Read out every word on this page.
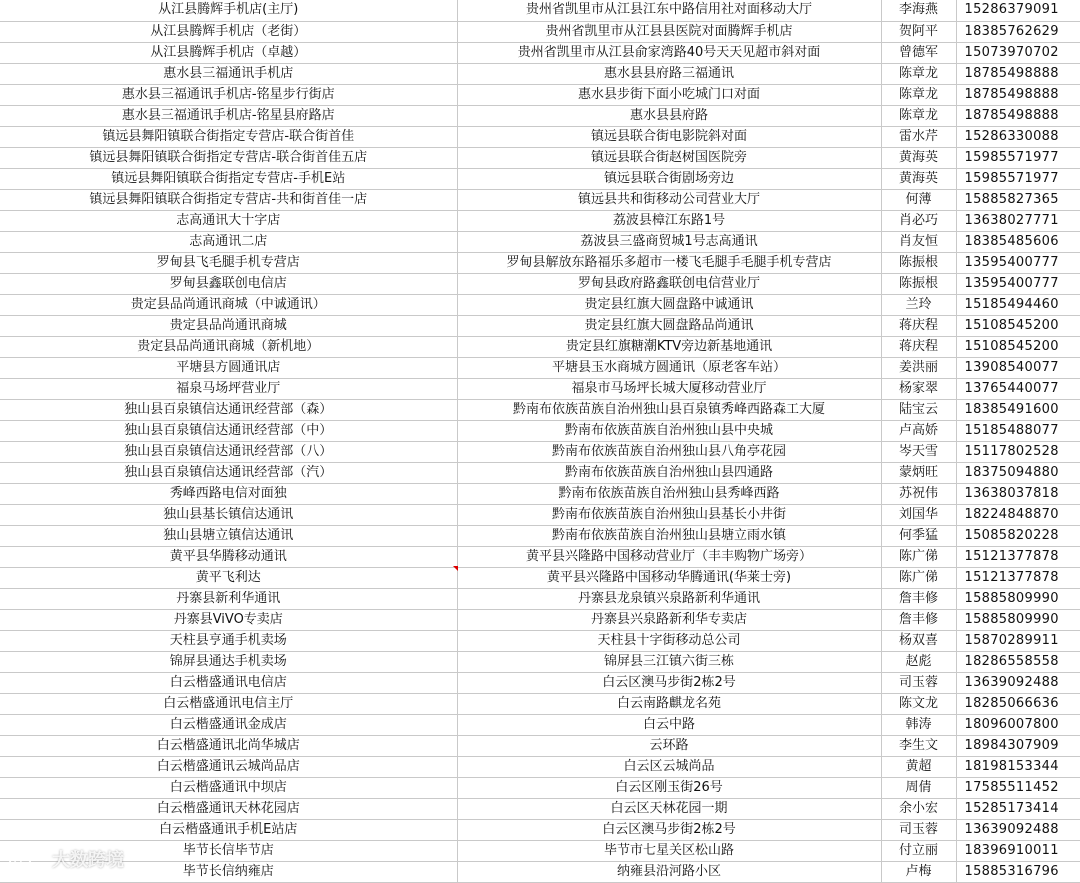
从江县腾辉手机店(主厅)	贵州省凯里市从江县江东中路信用社对面移动大厅	李海燕	15286379091
从江县腾辉手机店（老街）	贵州省凯里市从江县县医院对面腾辉手机店	贺阿平	18385762629
从江县腾辉手机店（卓越）	贵州省凯里市从江县俞家湾路40号天天见超市斜对面	曾德军	15073970702
惠水县三福通讯手机店	惠水县县府路三福通讯	陈章龙	18785498888
惠水县三福通讯手机店-铭星步行街店	惠水县步街下面小吃城门口对面	陈章龙	18785498888
惠水县三福通讯手机店-铭星县府路店	惠水县县府路	陈章龙	18785498888
镇远县舞阳镇联合街指定专营店-联合街首佳	镇远县联合街电影院斜对面	雷水芹	15286330088
镇远县舞阳镇联合街指定专营店-联合街首佳五店	镇远县联合街赵树国医院旁	黄海英	15985571977
镇远县舞阳镇联合街指定专营店-手机E站	镇远县联合街剧场旁边	黄海英	15985571977
镇远县舞阳镇联合街指定专营店-共和街首佳一店	镇远县共和街移动公司营业大厅	何薄	15885827365
志高通讯大十字店	荔波县樟江东路1号	肖必巧	13638027771
志高通讯二店	荔波县三盛商贸城1号志高通讯	肖友恒	18385485606
罗甸县飞毛腿手机专营店	罗甸县解放东路福乐多超市一楼飞毛腿手毛腿手机专营店	陈振根	13595400777
罗甸县鑫联创电信店	罗甸县政府路鑫联创电信营业厅	陈振根	13595400777
贵定县品尚通讯商城（中诚通讯）	贵定县红旗大圆盘路中诚通讯	兰玲	15185494460
贵定县品尚通讯商城	贵定县红旗大圆盘路品尚通讯	蒋庆程	15108545200
贵定县品尚通讯商城（新机地）	贵定县红旗糖潮KTV旁边新基地通讯	蒋庆程	15108545200
平塘县方圆通讯店	平塘县玉水商城方圆通讯（原老客车站）	姜洪丽	13908540077
福泉马场坪营业厅	福泉市马场坪长城大厦移动营业厅	杨家翠	13765440077
独山县百泉镇信达通讯经营部（森）	黔南布依族苗族自治州独山县百泉镇秀峰西路森工大厦	陆宝云	18385491600
独山县百泉镇信达通讯经营部（中）	黔南布依族苗族自治州独山县中央城	卢高娇	15185488077
独山县百泉镇信达通讯经营部（八）	黔南布依族苗族自治州独山县八角亭花园	岑天雪	15117802528
独山县百泉镇信达通讯经营部（汽）	黔南布依族苗族自治州独山县四通路	蒙炳旺	18375094880
秀峰西路电信对面独	黔南布依族苗族自治州独山县秀峰西路	苏祝伟	13638037818
独山县基长镇信达通讯	黔南布依族苗族自治州独山县基长小井街	刘国华	18224848870
独山县塘立镇信达通讯	黔南布依族苗族自治州独山县塘立雨水镇	何季猛	15085820228
黄平县华腾移动通讯	黄平县兴隆路中国移动营业厅（丰丰购物广场旁）	陈广俤	15121377878
黄平飞利达	黄平县兴隆路中国移动华腾通讯(华莱士旁)	陈广俤	15121377878
丹寨县新利华通讯	丹寨县龙泉镇兴泉路新利华通讯	詹丰修	15885809990
丹寨县ViVO专卖店	丹寨县兴泉路新利华专卖店	詹丰修	15885809990
天柱县亨通手机卖场	天柱县十字街移动总公司	杨双喜	15870289911
锦屏县通达手机卖场	锦屏县三江镇六街三栋	赵彪	18286558558
白云楷盛通讯电信店	白云区澳马步街2栋2号	司玉蓉	13639092488
白云楷盛通讯电信主厅	白云南路麒龙名苑	陈文龙	18285066636
白云楷盛通讯金成店	白云中路	韩涛	18096007800
白云楷盛通讯北尚华城店	云环路	李生文	18984307909
白云楷盛通讯云城尚品店	白云区云城尚品	黄超	18198153344
白云楷盛通讯中坝店	白云区刚玉街26号	周倩	17585511452
白云楷盛通讯天林花园店	白云区天林花园一期	余小宏	15285173414
白云楷盛通讯手机E站店	白云区澳马步街2栋2号	司玉蓉	13639092488
毕节长信毕节店	毕节市七星关区松山路	付立丽	18396910011
毕节长信纳雍店	纳雍县沿河路小区	卢梅	15885316796
大数跨境
